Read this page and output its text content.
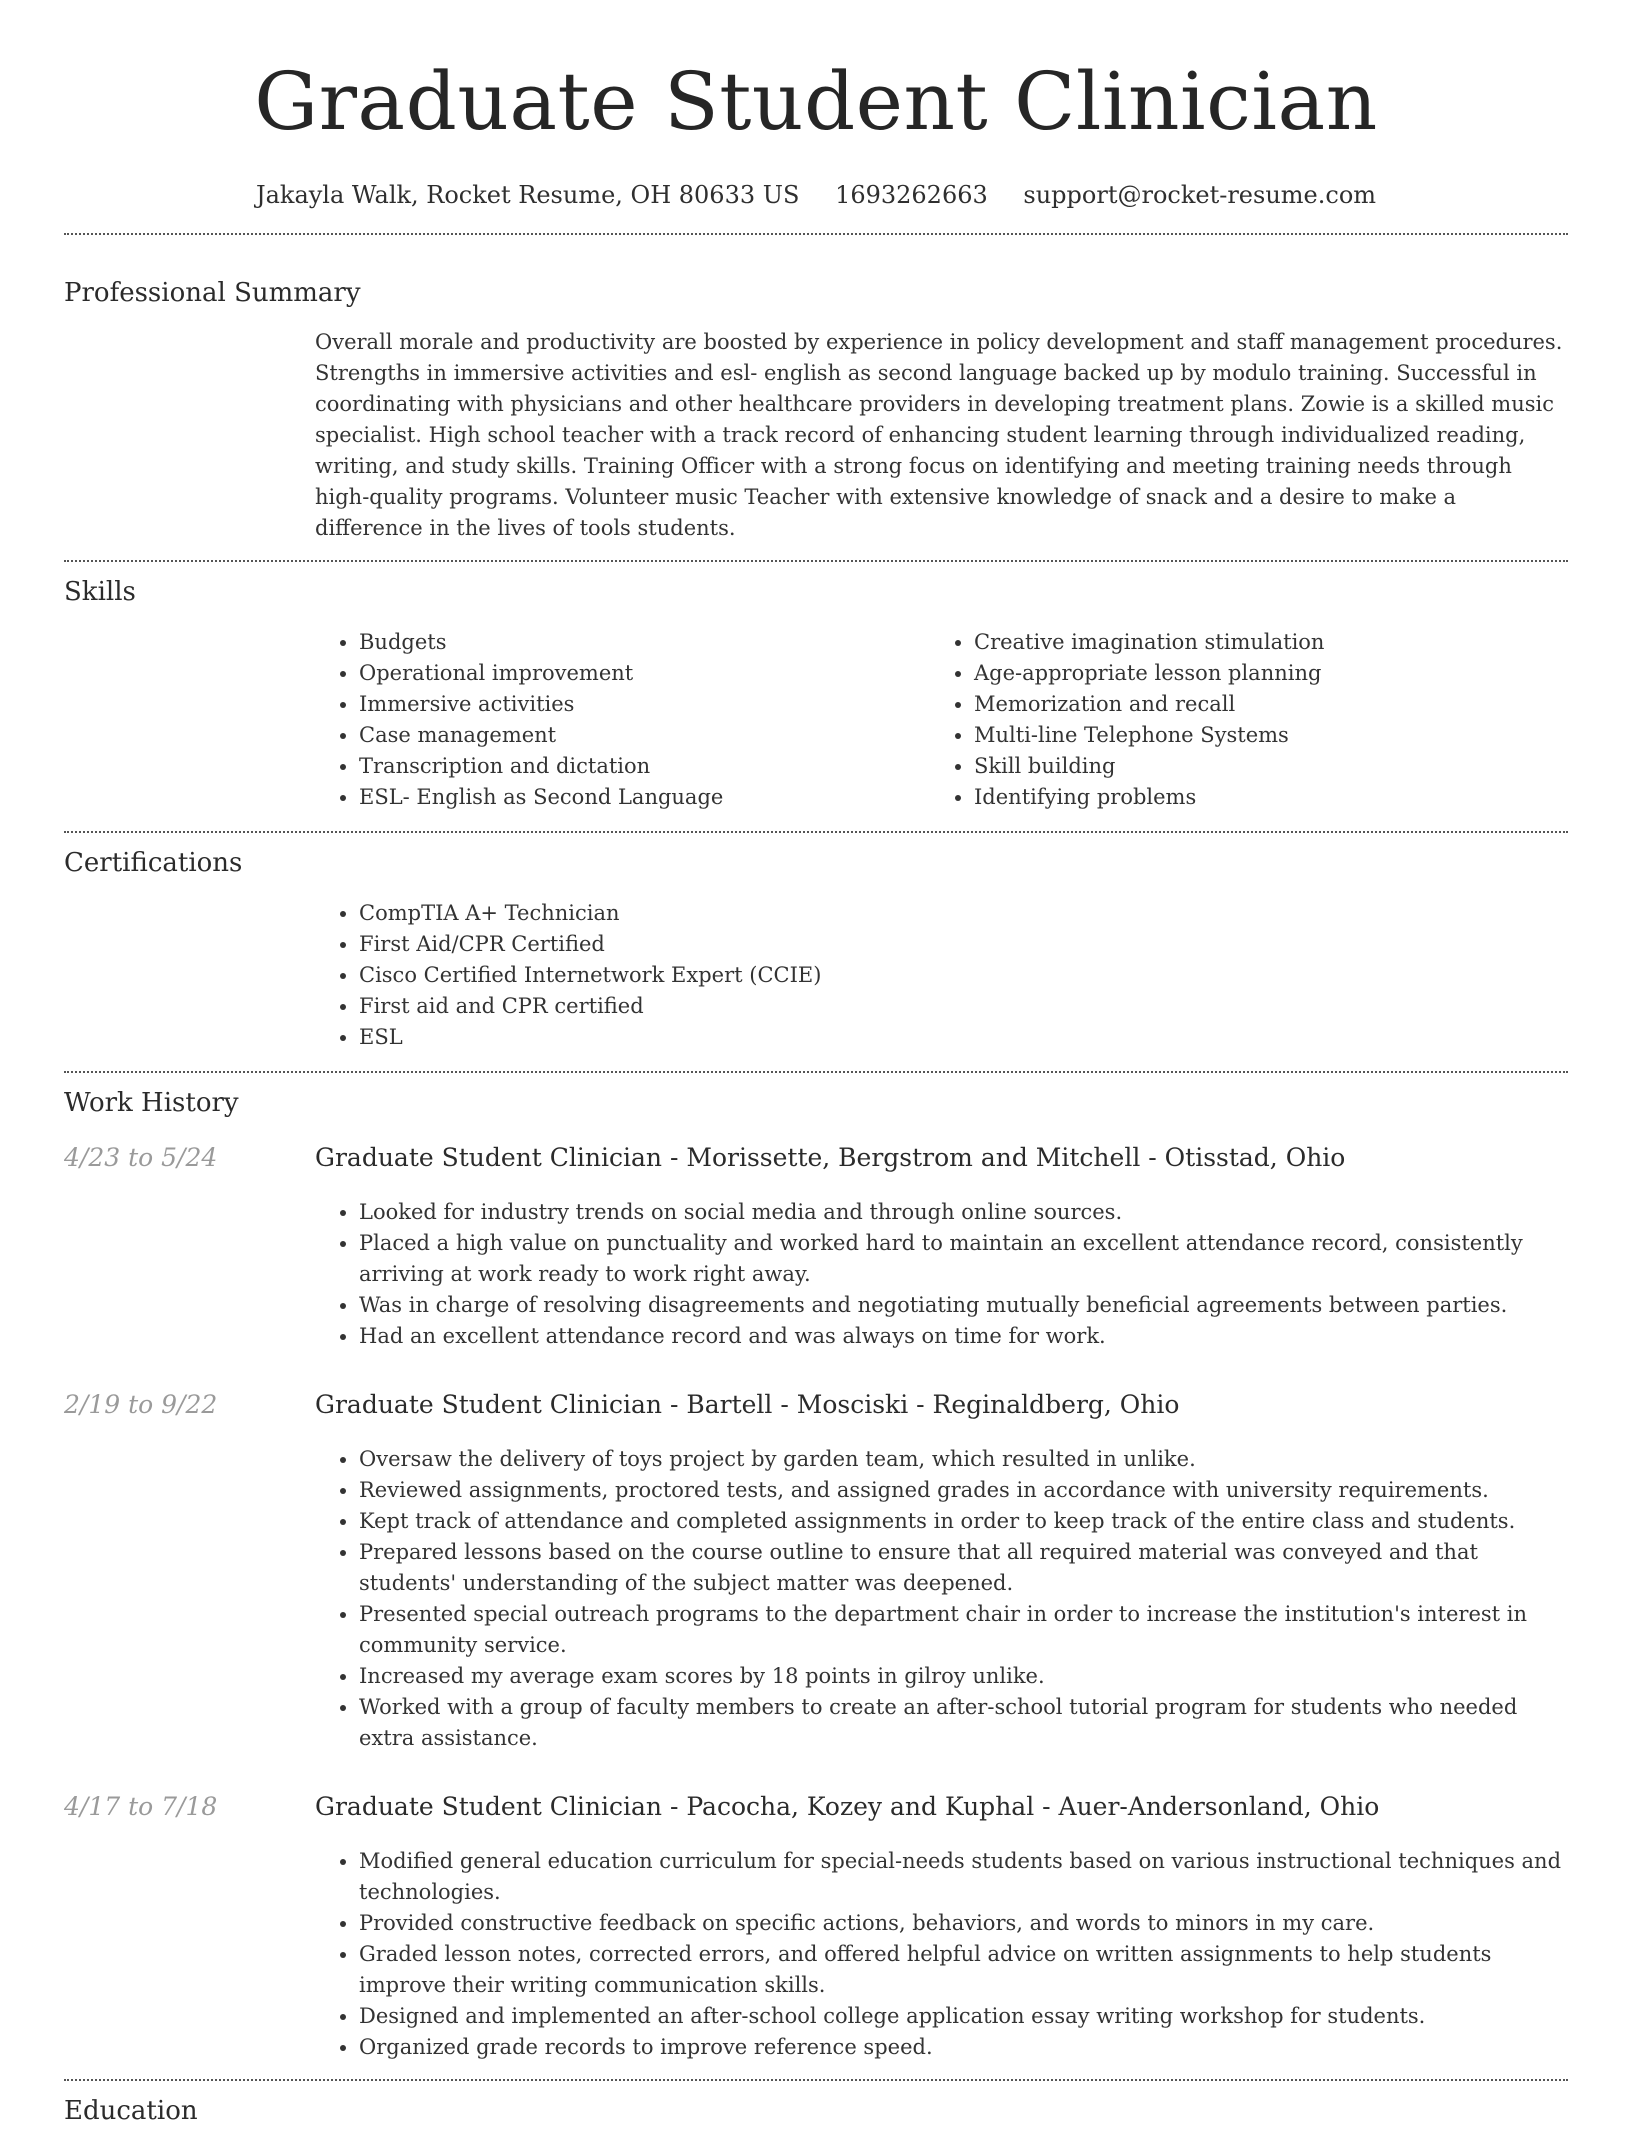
Graduate Student Clinician
Jakayla Walk, Rocket Resume, OH 80633 US 1693262663 support@rocket-resume.com
Professional Summary

Overall morale and productivity are boosted by experience in policy development and staff management procedures. Strengths in immersive activities and esl- english as second language backed up by modulo training. Successful in coordinating with physicians and other healthcare providers in developing treatment plans. Zowie is a skilled music specialist. High school teacher with a track record of enhancing student learning through individualized reading, writing, and study skills. Training Officer with a strong focus on identifying and meeting training needs through high-quality programs. Volunteer music Teacher with extensive knowledge of snack and a desire to make a difference in the lives of tools students.

Skills
• Budgets
• Operational improvement
• Immersive activities
• Case management
• Transcription and dictation
• ESL- English as Second Language
• Creative imagination stimulation
• Age-appropriate lesson planning
• Memorization and recall
• Multi-line Telephone Systems
• Skill building
• Identifying problems
Certifications
• CompTIA A+ Technician
• First Aid/CPR Certified
• Cisco Certified Internetwork Expert (CCIE)
• First aid and CPR certified
• ESL
Work History
4/23 to 5/24	Graduate Student Clinician - Morissette, Bergstrom and Mitchell - Otisstad, Ohio
• Looked for industry trends on social media and through online sources.
• Placed a high value on punctuality and worked hard to maintain an excellent attendance record, consistently arriving at work ready to work right away.
• Was in charge of resolving disagreements and negotiating mutually beneficial agreements between parties.
• Had an excellent attendance record and was always on time for work.
2/19 to 9/22	Graduate Student Clinician - Bartell - Mosciski - Reginaldberg, Ohio
• Oversaw the delivery of toys project by garden team, which resulted in unlike.
• Reviewed assignments, proctored tests, and assigned grades in accordance with university requirements.
• Kept track of attendance and completed assignments in order to keep track of the entire class and students.
• Prepared lessons based on the course outline to ensure that all required material was conveyed and that students' understanding of the subject matter was deepened.
• Presented special outreach programs to the department chair in order to increase the institution's interest in community service.
• Increased my average exam scores by 18 points in gilroy unlike.
• Worked with a group of faculty members to create an after-school tutorial program for students who needed extra assistance.
4/17 to 7/18	Graduate Student Clinician - Pacocha, Kozey and Kuphal - Auer-Andersonland, Ohio
• Modified general education curriculum for special-needs students based on various instructional techniques and technologies.
• Provided constructive feedback on specific actions, behaviors, and words to minors in my care.
• Graded lesson notes, corrected errors, and offered helpful advice on written assignments to help students improve their writing communication skills.
• Designed and implemented an after-school college application essay writing workshop for students.
• Organized grade records to improve reference speed.
Education
